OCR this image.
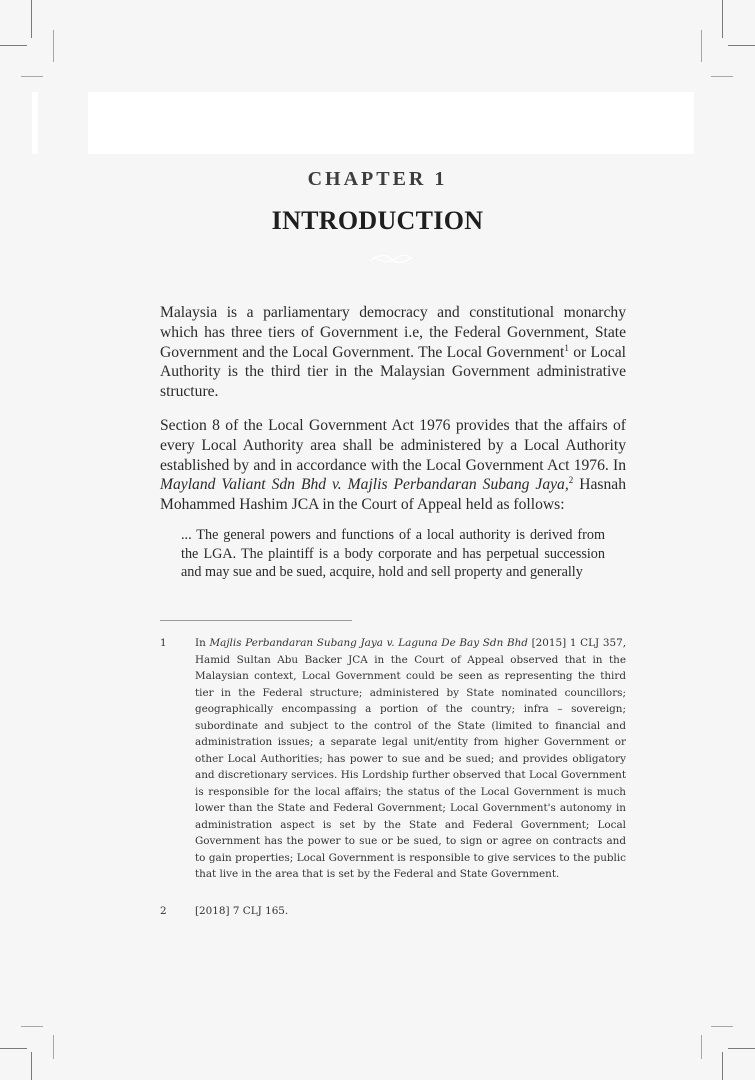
CHAPTER 1
INTRODUCTION

Malaysia is a parliamentary democracy and constitutional monarchy which has three tiers of Government i.e, the Federal Government, State Government and the Local Government. The Local Government$^1$ or Local Authority is the third tier in the Malaysian Government administrative structure.

Section 8 of the Local Government Act 1976 provides that the affairs of every Local Authority area shall be administered by a Local Authority established by and in accordance with the Local Government Act 1976. In Mayland Valiant Sdn Bhd v. Majlis Perbandaran Subang Jaya,$^2$ Hasnah Mohammed Hashim JCA in the Court of Appeal held as follows:

... The general powers and functions of a local authority is derived from the LGA. The plaintiff is a body corporate and has perpetual succession and may sue and be sued, acquire, hold and sell property and generally
1	In Majlis Perbandaran Subang Jaya v. Laguna De Bay Sdn Bhd [2015] 1 CLJ 357, Hamid Sultan Abu Backer JCA in the Court of Appeal observed that in the Malaysian context, Local Government could be seen as representing the third tier in the Federal structure; administered by State nominated councillors; geographically encompassing a portion of the country; infra – sovereign; subordinate and subject to the control of the State (limited to financial and administration issues; a separate legal unit/entity from higher Government or other Local Authorities; has power to sue and be sued; and provides obligatory and discretionary services. His Lordship further observed that Local Government is responsible for the local affairs; the status of the Local Government is much lower than the State and Federal Government; Local Government's autonomy in administration aspect is set by the State and Federal Government; Local Government has the power to sue or be sued, to sign or agree on contracts and to gain properties; Local Government is responsible to give services to the public that live in the area that is set by the Federal and State Government.
2	[2018] 7 CLJ 165.
